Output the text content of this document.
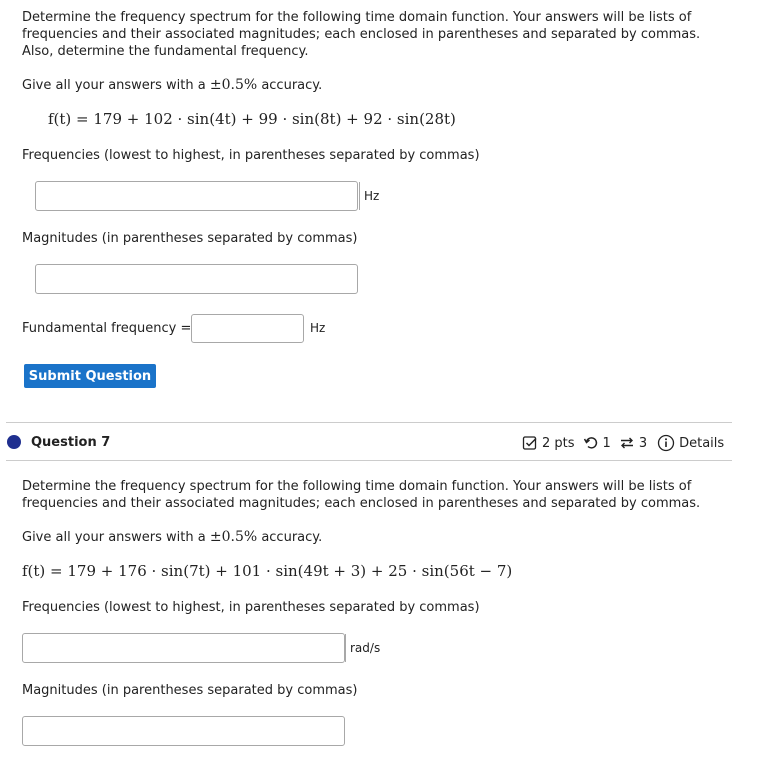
Determine the frequency spectrum for the following time domain function. Your answers will be lists of
frequencies and their associated magnitudes; each enclosed in parentheses and separated by commas.
Also, determine the fundamental frequency.
Give all your answers with a ±0.5% accuracy.
f(t) = 179 + 102 · sin(4t) + 99 · sin(8t) + 92 · sin(28t)
Frequencies (lowest to highest, in parentheses separated by commas)
Hz
Magnitudes (in parentheses separated by commas)
Fundamental frequency =	Hz
Submit Question
Question 7	2 pts 1 3 Details
Determine the frequency spectrum for the following time domain function. Your answers will be lists of
frequencies and their associated magnitudes; each enclosed in parentheses and separated by commas.
Give all your answers with a ±0.5% accuracy.
f(t) = 179 + 176 · sin(7t) + 101 · sin(49t + 3) + 25 · sin(56t − 7)
Frequencies (lowest to highest, in parentheses separated by commas)
rad/s
Magnitudes (in parentheses separated by commas)
